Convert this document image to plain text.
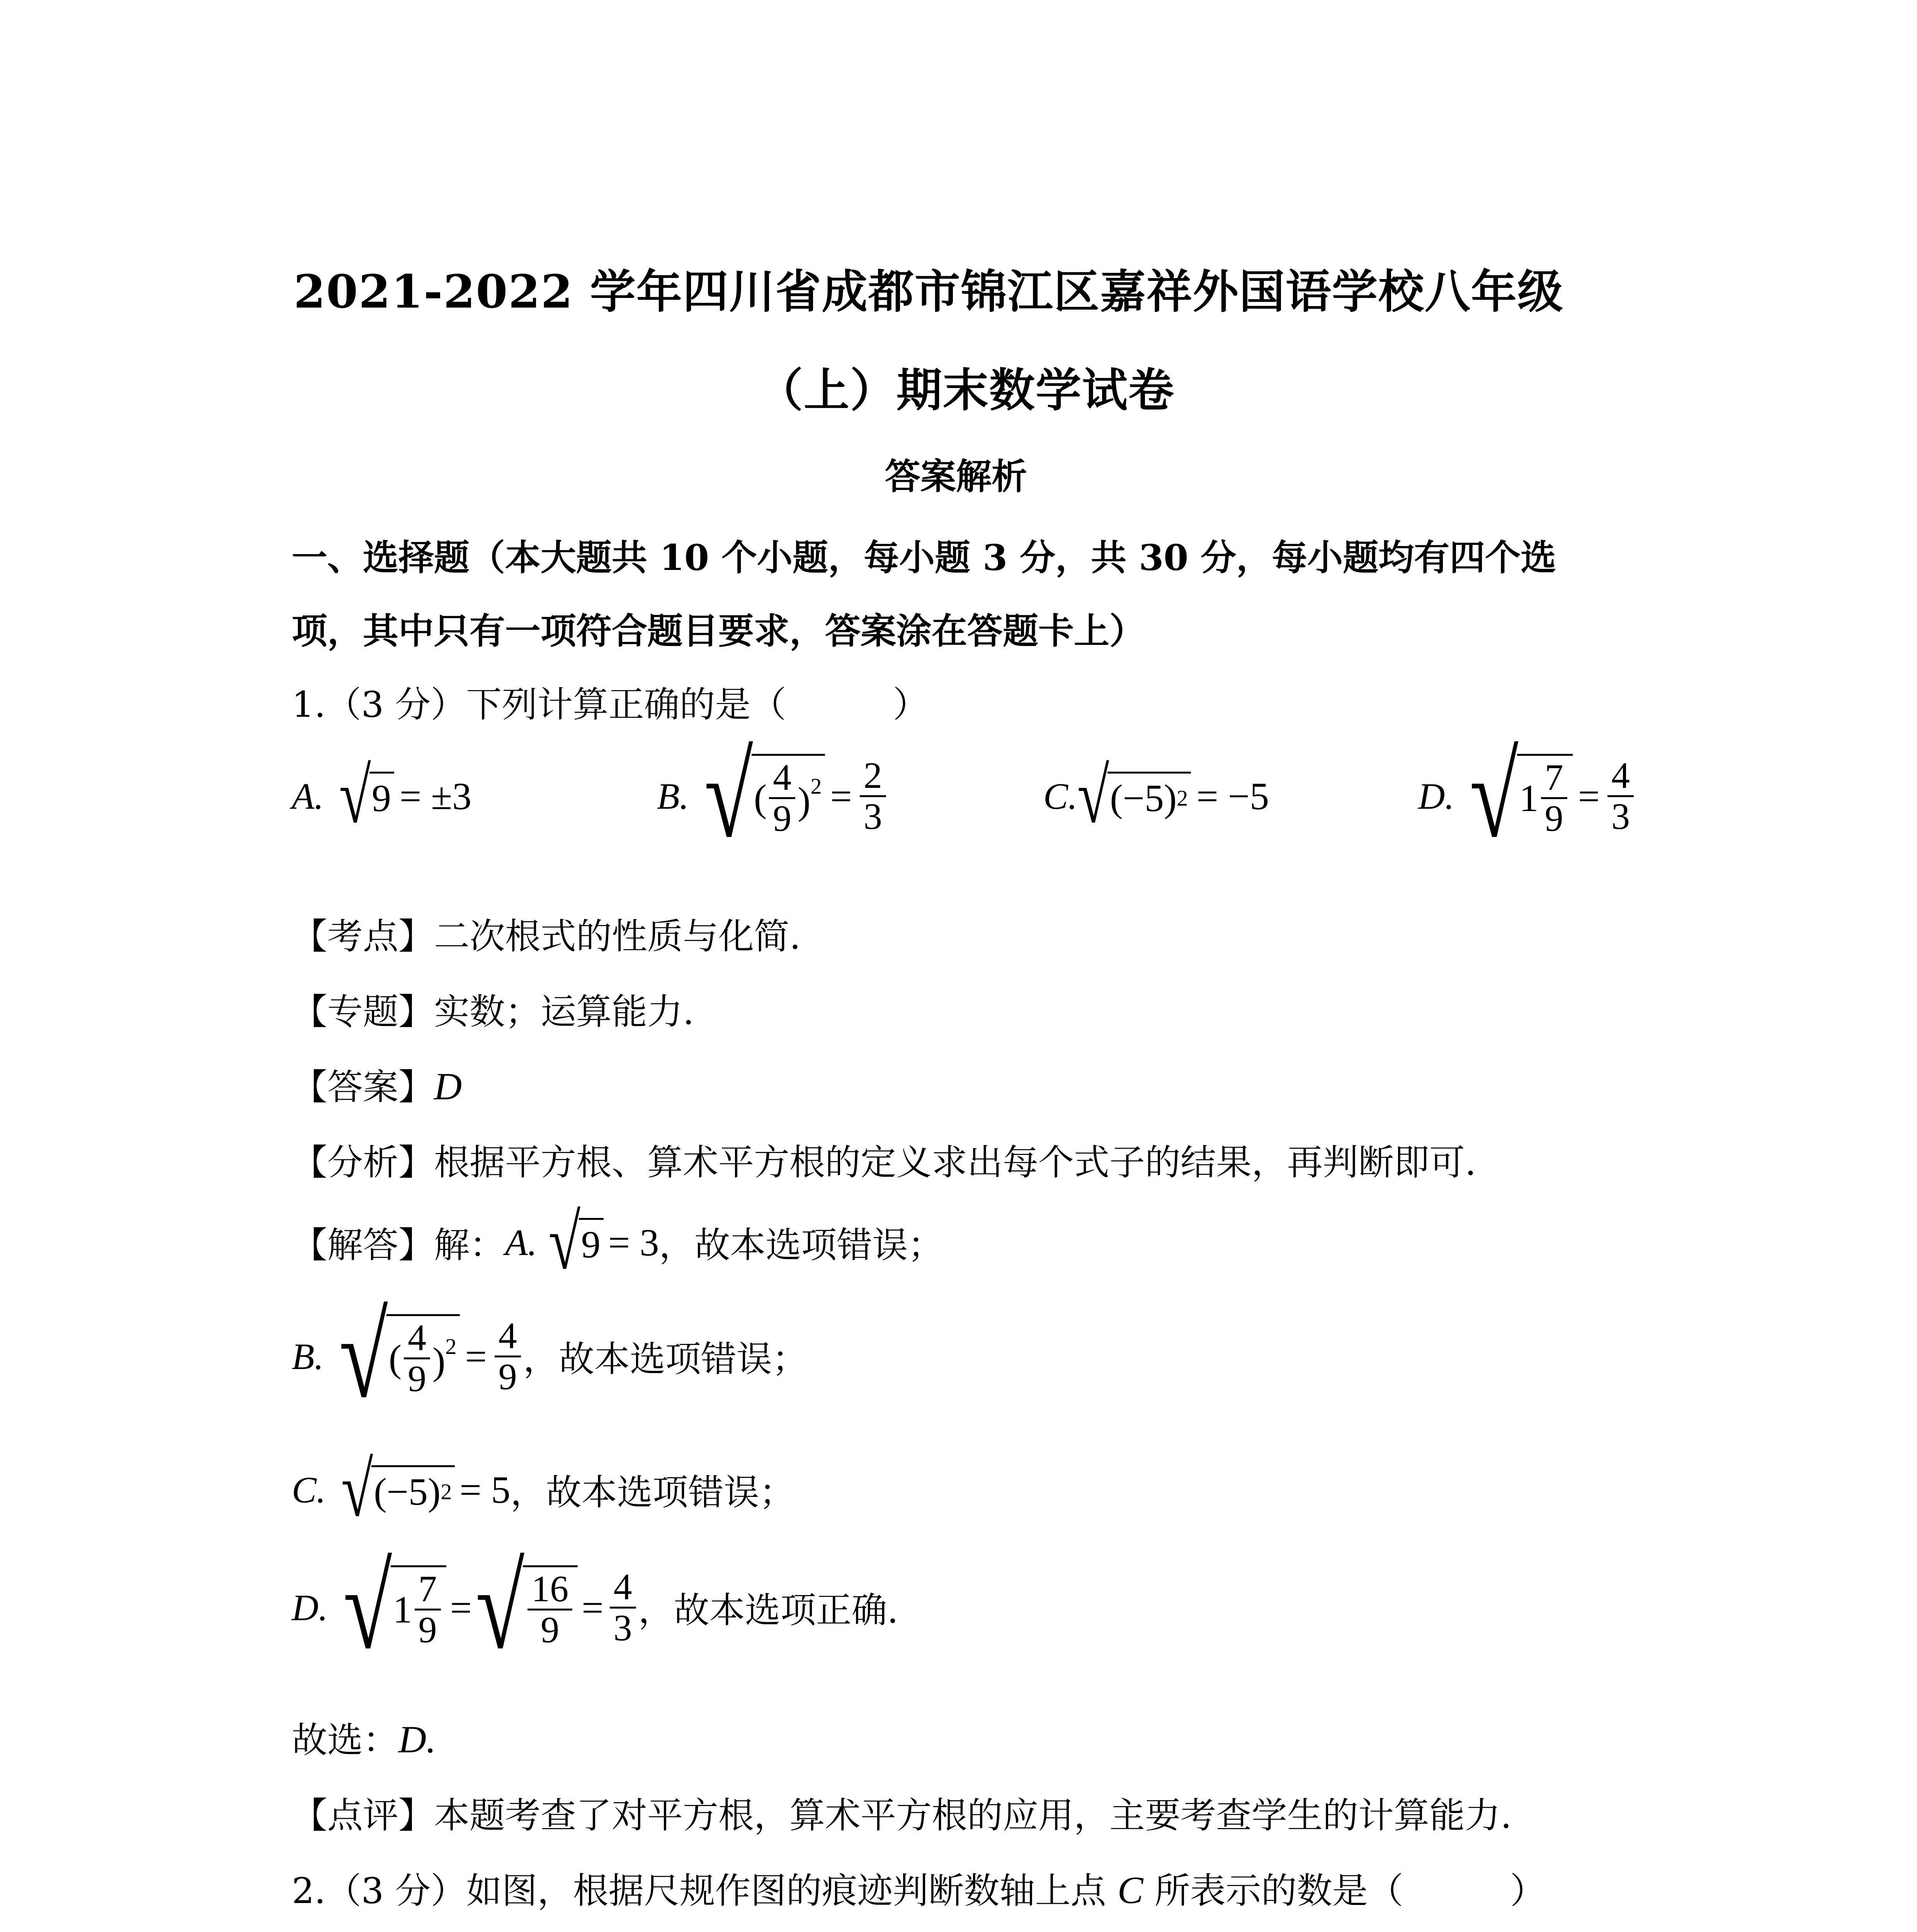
2021-2022 学年四川省成都市锦江区嘉祥外国语学校八年级
（上）期末数学试卷
答案解析
一、选择题（本大题共 10 个小题，每小题 3 分，共 30 分，每小题均有四个选
项，其中只有一项符合题目要求，答案涂在答题卡上）
1.（3 分）下列计算正确的是（　　　）
A. √ 9 = ±3	B. √ ( $\frac{4}{9} )^2 = \frac{2}{3}$	C. √ (−5) 2 = −5	D. √ $1 \frac{7}{9} = \frac{4}{3}$
【考点】二次根式的性质与化简.
【专题】实数；运算能力.
【答案】D
【分析】根据平方根、算术平方根的定义求出每个式子的结果，再判断即可.
【解答】解： A. √ 9 = 3 ，故本选项错误；
B. √ ( $\frac{4}{9} )^2 = \frac{4}{9}$ ，故本选项错误；
C. √ (−5) 2 = 5 ，故本选项错误；
D. √ $1 \frac{7}{9}$ = √ $\frac{16}{9} = \frac{4}{3}$ ，故本选项正确.
故选：D.
【点评】本题考查了对平方根，算术平方根的应用，主要考查学生的计算能力.
2.（3 分）如图，根据尺规作图的痕迹判断数轴上点 C 所表示的数是（　　　）
